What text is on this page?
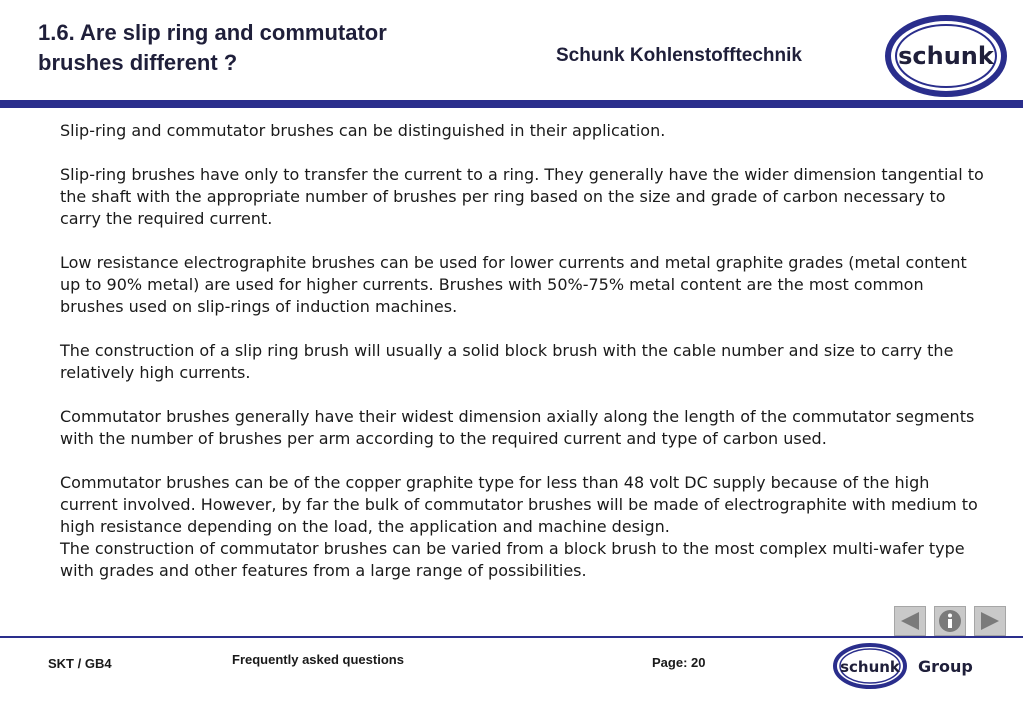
1.6. Are slip ring and commutator
brushes different ?	Schunk Kohlenstofftechnik	schunk

Slip-ring and commutator brushes can be distinguished in their application.

Slip-ring brushes have only to transfer the current to a ring. They generally have the wider dimension tangential to the shaft with the appropriate number of brushes per ring based on the size and grade of carbon necessary to carry the required current.

Low resistance electrographite brushes can be used for lower currents and metal graphite grades (metal content up to 90% metal) are used for higher currents. Brushes with 50%-75% metal content are the most common brushes used on slip-rings of induction machines.

The construction of a slip ring brush will usually a solid block brush with the cable number and size to carry the relatively high currents.

Commutator brushes generally have their widest dimension axially along the length of the commutator segments with the number of brushes per arm according to the required current and type of carbon used.

Commutator brushes can be of the copper graphite type for less than 48 volt DC supply because of the high current involved. However, by far the bulk of commutator brushes will be made of electrographite with medium to high resistance depending on the load, the application and machine design.

The construction of commutator brushes can be varied from a block brush to the most complex multi-wafer type with grades and other features from a large range of possibilities.

SKT / GB4	Frequently asked questions	Page: 20	schunk Group
